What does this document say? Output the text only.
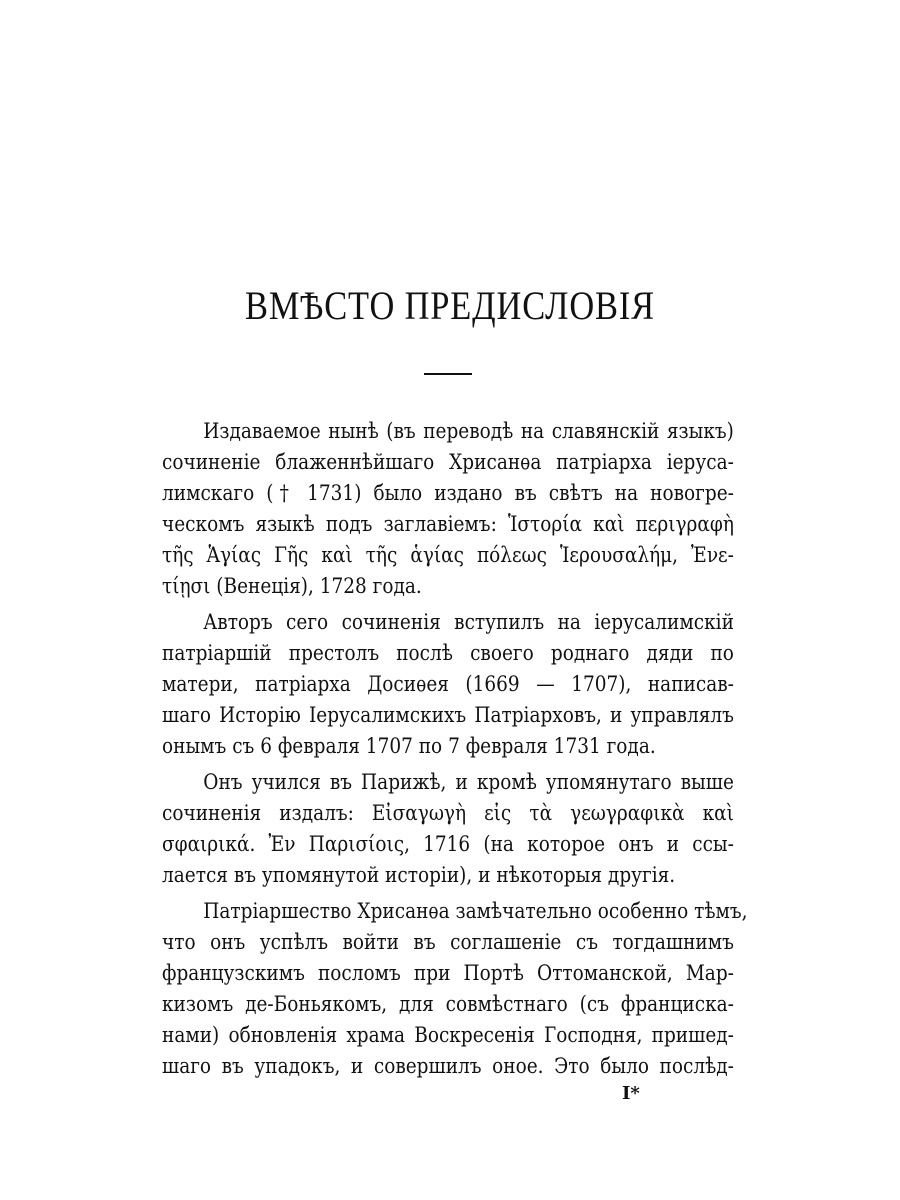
ВМѢСТО ПРЕДИСЛОВІЯ
Издаваемое нынѣ (въ переводѣ на славянскій языкъ)
сочиненіе блаженнѣйшаго Хрисанѳа патріарха іеруса-
лимскаго († 1731) было издано въ свѣтъ на новогре-
ческомъ языкѣ подъ заглавіемъ: Ἱστορία καὶ περιγραφὴ
τῆς Ἁγίας Γῆς καὶ τῆς ἁγίας πόλεως Ἱερουσαλήμ, Ἐνε-
τίῃσι (Венеція), 1728 года.
Авторъ сего сочиненія вступилъ на іерусалимскій
патріаршій престолъ послѣ своего роднаго дяди по
матери, патріарха Досиѳея (1669 — 1707), написав-
шаго Исторію Іерусалимскихъ Патріарховъ, и управлялъ
онымъ съ 6 февраля 1707 по 7 февраля 1731 года.
Онъ учился въ Парижѣ, и кромѣ упомянутаго выше
сочиненія издалъ: Εἰσαγωγὴ εἰς τὰ γεωγραφικὰ καὶ
σφαιρικά. Ἐν Παρισίοις, 1716 (на которое онъ и ссы-
лается въ упомянутой исторіи), и нѣкоторыя другія.
Патріаршество Хрисанѳа замѣчательно особенно тѣмъ,
что онъ успѣлъ войти въ соглашеніе съ тогдашнимъ
французскимъ посломъ при Портѣ Оттоманской, Мар-
кизомъ де-Боньякомъ, для совмѣстнаго (съ франциска-
нами) обновленія храма Воскресенія Господня, пришед-
шаго въ упадокъ, и совершилъ оное. Это было послѣд-
I*
